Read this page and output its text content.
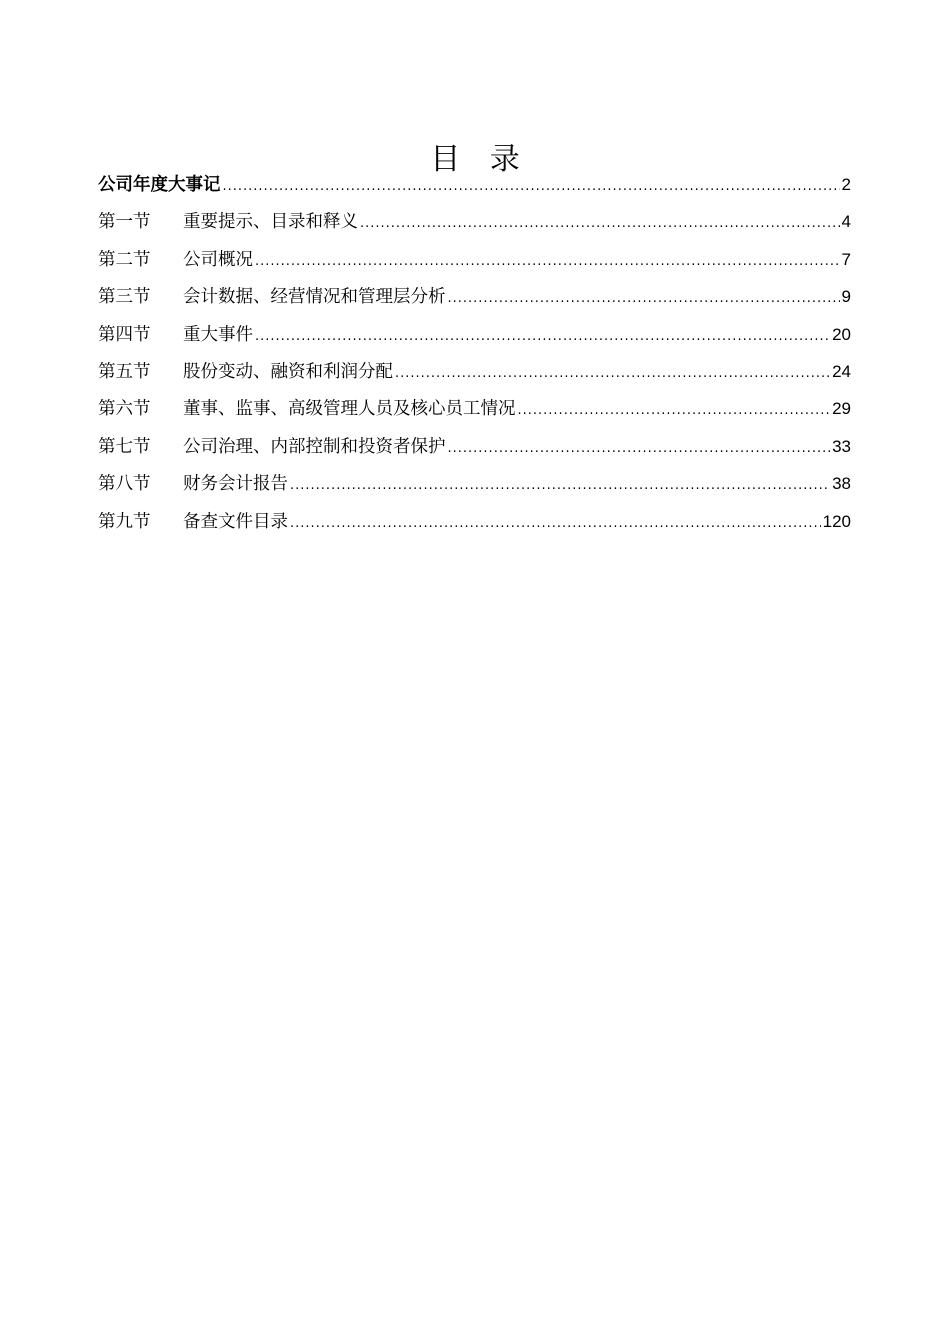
目 录
公司年度大事记 .....	2
第一节	重要提示、目录和释义 .....	4
第二节	公司概况 .....	7
第三节	会计数据、经营情况和管理层分析 .....	9
第四节	重大事件 .....	20
第五节	股份变动、融资和利润分配 .....	24
第六节	董事、监事、高级管理人员及核心员工情况 .....	29
第七节	公司治理、内部控制和投资者保护 .....	33
第八节	财务会计报告 .....	38
第九节	备查文件目录 .....	120
